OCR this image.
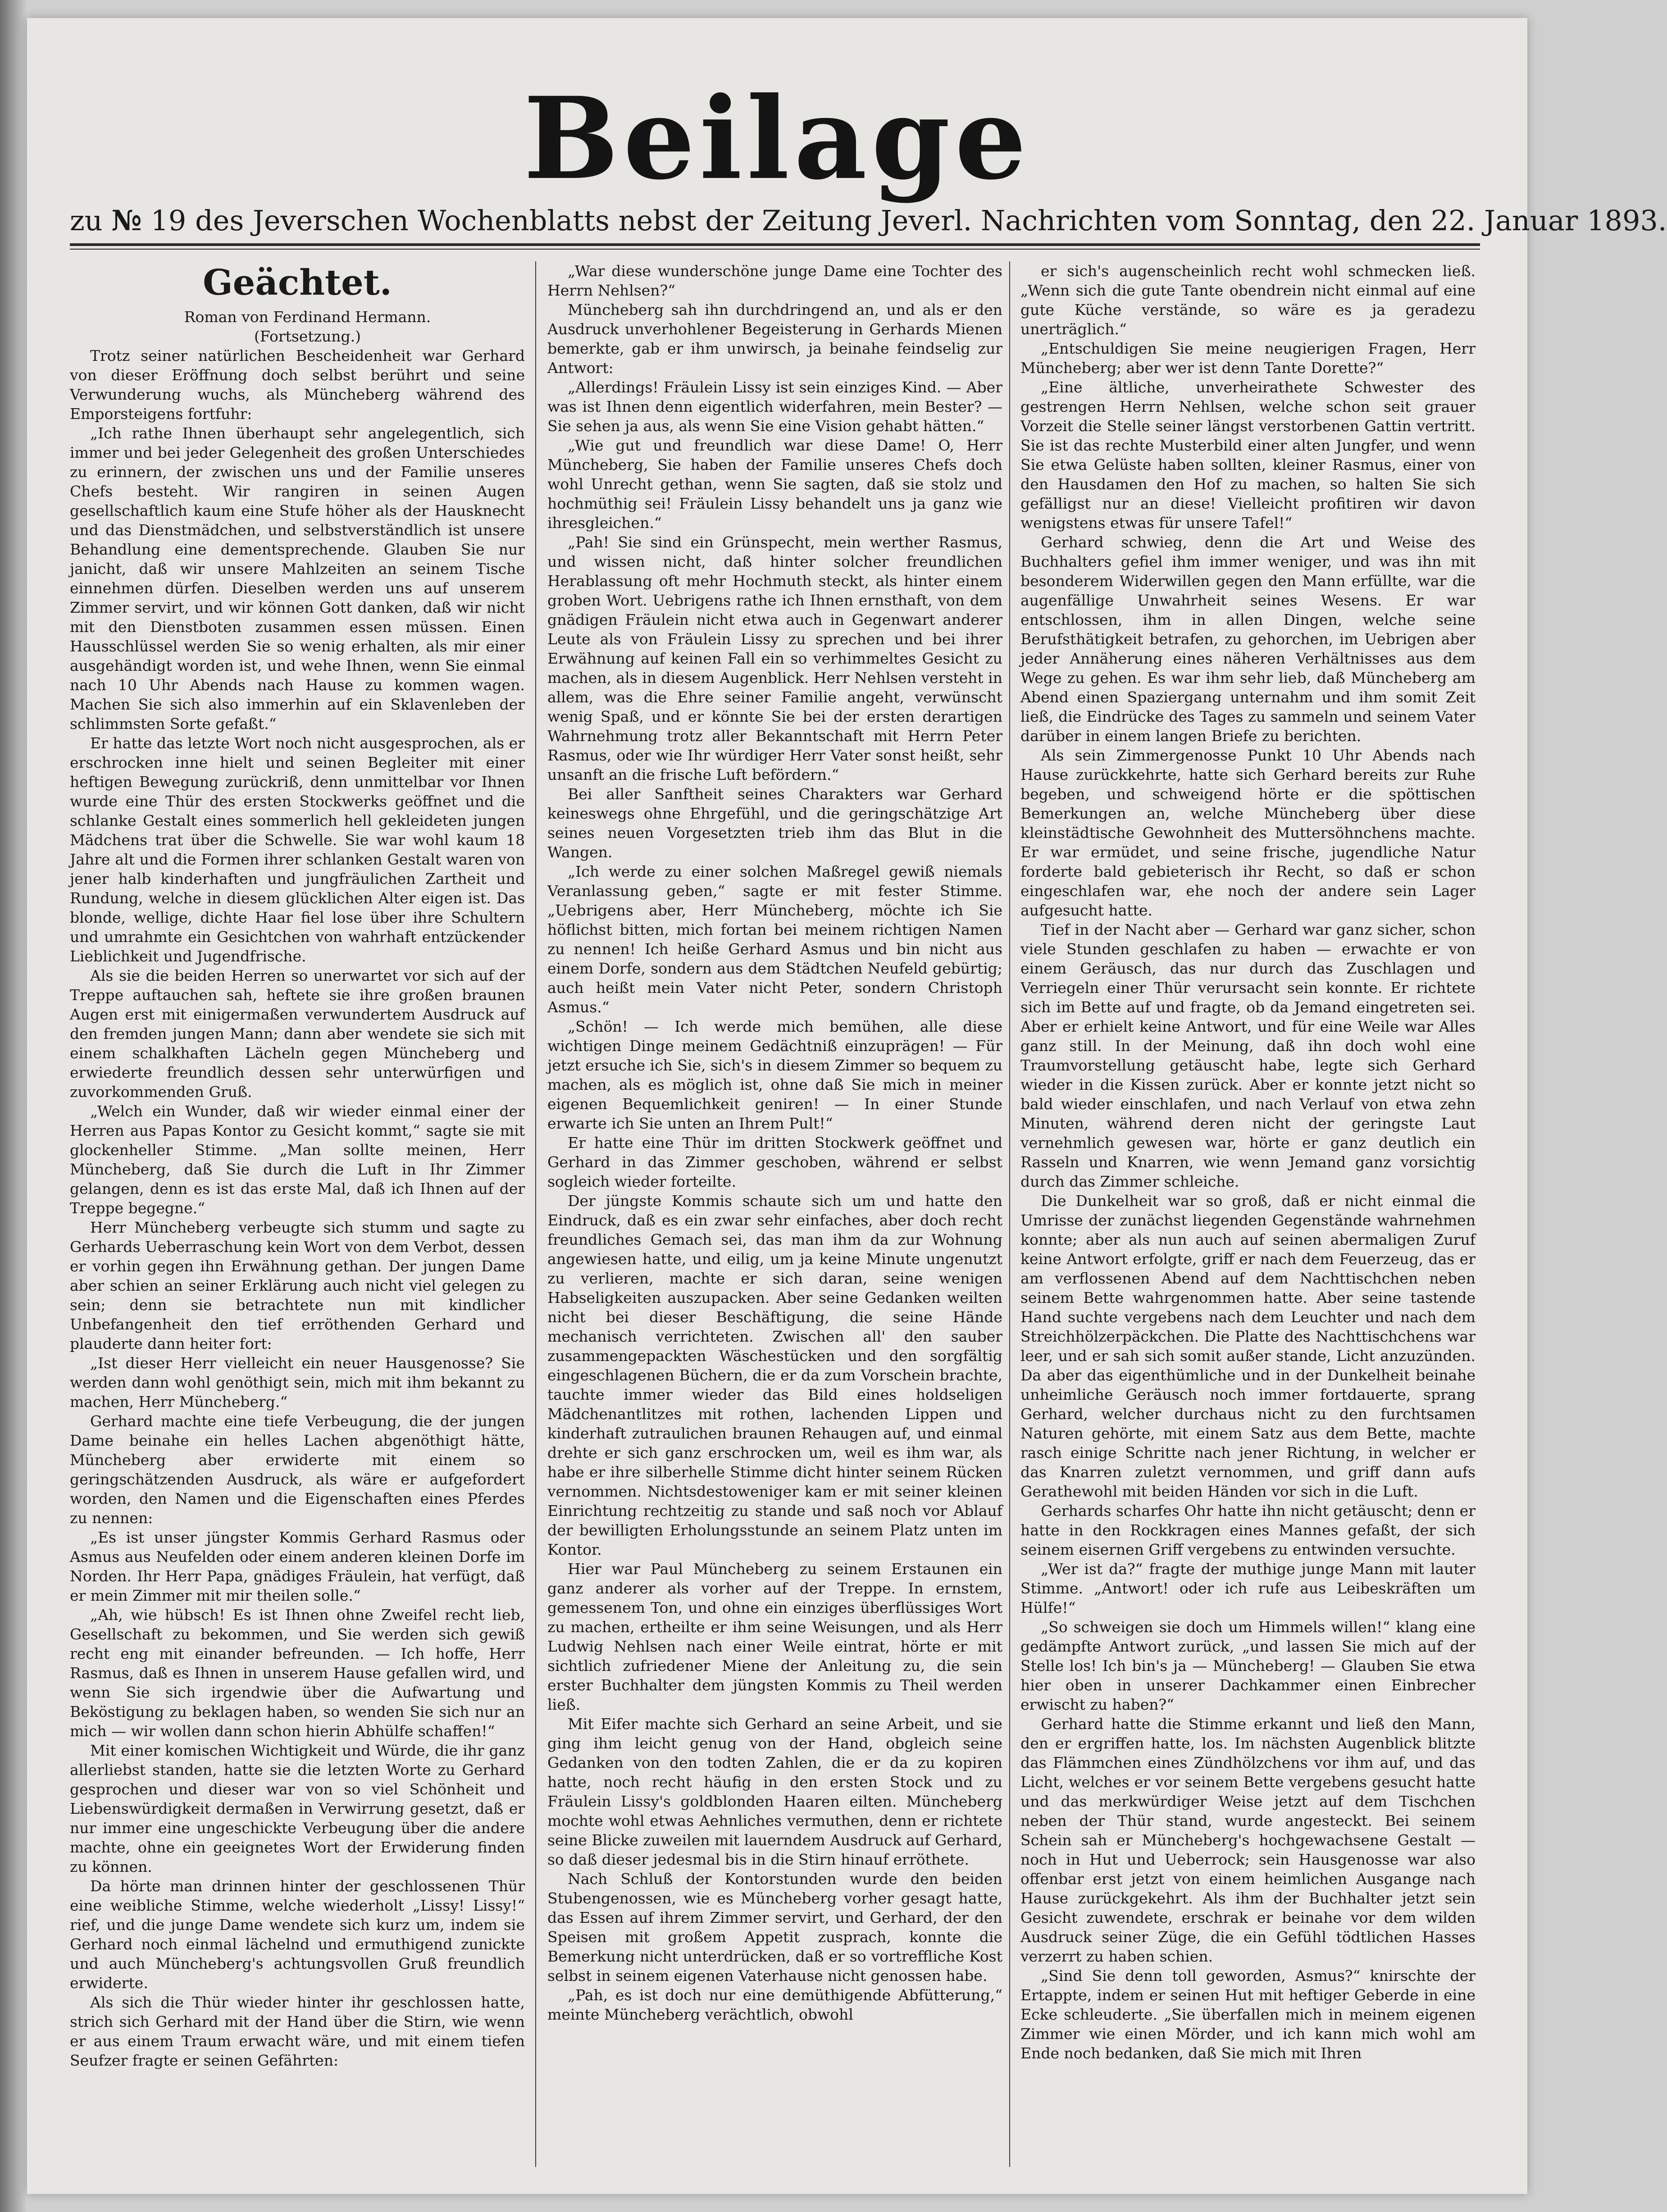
Beilage
zu № 19 des Jeverschen Wochenblatts nebst der Zeitung Jeverl. Nachrichten vom Sonntag, den 22. Januar 1893.
Geächtet.

Roman von Ferdinand Hermann.

(Fortsetzung.)

Trotz seiner natürlichen Bescheidenheit war Gerhard von dieser Eröffnung doch selbst berührt und seine Verwunderung wuchs, als Müncheberg während des Emporsteigens fortfuhr:

„Ich rathe Ihnen überhaupt sehr angelegentlich, sich immer und bei jeder Gelegenheit des großen Unterschiedes zu erinnern, der zwischen uns und der Familie unseres Chefs besteht. Wir rangiren in seinen Augen gesellschaftlich kaum eine Stufe höher als der Hausknecht und das Dienstmädchen, und selbstverständlich ist unsere Behandlung eine dementsprechende. Glauben Sie nur janicht, daß wir unsere Mahlzeiten an seinem Tische einnehmen dürfen. Dieselben werden uns auf unserem Zimmer servirt, und wir können Gott danken, daß wir nicht mit den Dienstboten zusammen essen müssen. Einen Hausschlüssel werden Sie so wenig erhalten, als mir einer ausgehändigt worden ist, und wehe Ihnen, wenn Sie einmal nach 10 Uhr Abends nach Hause zu kommen wagen. Machen Sie sich also immerhin auf ein Sklavenleben der schlimmsten Sorte gefaßt.“

Er hatte das letzte Wort noch nicht ausgesprochen, als er erschrocken inne hielt und seinen Begleiter mit einer heftigen Bewegung zurückriß, denn unmittelbar vor Ihnen wurde eine Thür des ersten Stockwerks geöffnet und die schlanke Gestalt eines sommerlich hell gekleideten jungen Mädchens trat über die Schwelle. Sie war wohl kaum 18 Jahre alt und die Formen ihrer schlanken Gestalt waren von jener halb kinderhaften und jungfräulichen Zartheit und Rundung, welche in diesem glücklichen Alter eigen ist. Das blonde, wellige, dichte Haar fiel lose über ihre Schultern und umrahmte ein Gesichtchen von wahrhaft entzückender Lieblichkeit und Jugendfrische.

Als sie die beiden Herren so unerwartet vor sich auf der Treppe auftauchen sah, heftete sie ihre großen braunen Augen erst mit einigermaßen verwundertem Ausdruck auf den fremden jungen Mann; dann aber wendete sie sich mit einem schalkhaften Lächeln gegen Müncheberg und erwiederte freundlich dessen sehr unterwürfigen und zuvorkommenden Gruß.

„Welch ein Wunder, daß wir wieder einmal einer der Herren aus Papas Kontor zu Gesicht kommt,“ sagte sie mit glockenheller Stimme. „Man sollte meinen, Herr Müncheberg, daß Sie durch die Luft in Ihr Zimmer gelangen, denn es ist das erste Mal, daß ich Ihnen auf der Treppe begegne.“

Herr Müncheberg verbeugte sich stumm und sagte zu Gerhards Ueberraschung kein Wort von dem Verbot, dessen er vorhin gegen ihn Erwähnung gethan. Der jungen Dame aber schien an seiner Erklärung auch nicht viel gelegen zu sein; denn sie betrachtete nun mit kindlicher Unbefangenheit den tief erröthenden Gerhard und plauderte dann heiter fort:

„Ist dieser Herr vielleicht ein neuer Hausgenosse? Sie werden dann wohl genöthigt sein, mich mit ihm bekannt zu machen, Herr Müncheberg.“

Gerhard machte eine tiefe Verbeugung, die der jungen Dame beinahe ein helles Lachen abgenöthigt hätte, Müncheberg aber erwiderte mit einem so geringschätzenden Ausdruck, als wäre er aufgefordert worden, den Namen und die Eigenschaften eines Pferdes zu nennen:

„Es ist unser jüngster Kommis Gerhard Rasmus oder Asmus aus Neufelden oder einem anderen kleinen Dorfe im Norden. Ihr Herr Papa, gnädiges Fräulein, hat verfügt, daß er mein Zimmer mit mir theilen solle.“

„Ah, wie hübsch! Es ist Ihnen ohne Zweifel recht lieb, Gesellschaft zu bekommen, und Sie werden sich gewiß recht eng mit einander befreunden. — Ich hoffe, Herr Rasmus, daß es Ihnen in unserem Hause gefallen wird, und wenn Sie sich irgendwie über die Aufwartung und Beköstigung zu beklagen haben, so wenden Sie sich nur an mich — wir wollen dann schon hierin Abhülfe schaffen!“

Mit einer komischen Wichtigkeit und Würde, die ihr ganz allerliebst standen, hatte sie die letzten Worte zu Gerhard gesprochen und dieser war von so viel Schönheit und Liebenswürdigkeit dermaßen in Verwirrung gesetzt, daß er nur immer eine ungeschickte Verbeugung über die andere machte, ohne ein geeignetes Wort der Erwiderung finden zu können.

Da hörte man drinnen hinter der geschlossenen Thür eine weibliche Stimme, welche wiederholt „Lissy! Lissy!“ rief, und die junge Dame wendete sich kurz um, indem sie Gerhard noch einmal lächelnd und ermuthigend zunickte und auch Müncheberg's achtungsvollen Gruß freundlich erwiderte.

Als sich die Thür wieder hinter ihr geschlossen hatte, strich sich Gerhard mit der Hand über die Stirn, wie wenn er aus einem Traum erwacht wäre, und mit einem tiefen Seufzer fragte er seinen Gefährten:

„War diese wunderschöne junge Dame eine Tochter des Herrn Nehlsen?“

Müncheberg sah ihn durchdringend an, und als er den Ausdruck unverhohlener Begeisterung in Gerhards Mienen bemerkte, gab er ihm unwirsch, ja beinahe feindselig zur Antwort:

„Allerdings! Fräulein Lissy ist sein einziges Kind. — Aber was ist Ihnen denn eigentlich widerfahren, mein Bester? — Sie sehen ja aus, als wenn Sie eine Vision gehabt hätten.“

„Wie gut und freundlich war diese Dame! O, Herr Müncheberg, Sie haben der Familie unseres Chefs doch wohl Unrecht gethan, wenn Sie sagten, daß sie stolz und hochmüthig sei! Fräulein Lissy behandelt uns ja ganz wie ihresgleichen.“

„Pah! Sie sind ein Grünspecht, mein werther Rasmus, und wissen nicht, daß hinter solcher freundlichen Herablassung oft mehr Hochmuth steckt, als hinter einem groben Wort. Uebrigens rathe ich Ihnen ernsthaft, von dem gnädigen Fräulein nicht etwa auch in Gegenwart anderer Leute als von Fräulein Lissy zu sprechen und bei ihrer Erwähnung auf keinen Fall ein so verhimmeltes Gesicht zu machen, als in diesem Augenblick. Herr Nehlsen versteht in allem, was die Ehre seiner Familie angeht, verwünscht wenig Spaß, und er könnte Sie bei der ersten derartigen Wahrnehmung trotz aller Bekanntschaft mit Herrn Peter Rasmus, oder wie Ihr würdiger Herr Vater sonst heißt, sehr unsanft an die frische Luft befördern.“

Bei aller Sanftheit seines Charakters war Gerhard keineswegs ohne Ehrgefühl, und die geringschätzige Art seines neuen Vorgesetzten trieb ihm das Blut in die Wangen.

„Ich werde zu einer solchen Maßregel gewiß niemals Veranlassung geben,“ sagte er mit fester Stimme. „Uebrigens aber, Herr Müncheberg, möchte ich Sie höflichst bitten, mich fortan bei meinem richtigen Namen zu nennen! Ich heiße Gerhard Asmus und bin nicht aus einem Dorfe, sondern aus dem Städtchen Neufeld gebürtig; auch heißt mein Vater nicht Peter, sondern Christoph Asmus.“

„Schön! — Ich werde mich bemühen, alle diese wichtigen Dinge meinem Gedächtniß einzuprägen! — Für jetzt ersuche ich Sie, sich's in diesem Zimmer so bequem zu machen, als es möglich ist, ohne daß Sie mich in meiner eigenen Bequemlichkeit geniren! — In einer Stunde erwarte ich Sie unten an Ihrem Pult!“

Er hatte eine Thür im dritten Stockwerk geöffnet und Gerhard in das Zimmer geschoben, während er selbst sogleich wieder forteilte.

Der jüngste Kommis schaute sich um und hatte den Eindruck, daß es ein zwar sehr einfaches, aber doch recht freundliches Gemach sei, das man ihm da zur Wohnung angewiesen hatte, und eilig, um ja keine Minute ungenutzt zu verlieren, machte er sich daran, seine wenigen Habseligkeiten auszupacken. Aber seine Gedanken weilten nicht bei dieser Beschäftigung, die seine Hände mechanisch verrichteten. Zwischen all' den sauber zusammengepackten Wäschestücken und den sorgfältig eingeschlagenen Büchern, die er da zum Vorschein brachte, tauchte immer wieder das Bild eines holdseligen Mädchenantlitzes mit rothen, lachenden Lippen und kinderhaft zutraulichen braunen Rehaugen auf, und einmal drehte er sich ganz erschrocken um, weil es ihm war, als habe er ihre silberhelle Stimme dicht hinter seinem Rücken vernommen. Nichtsdestoweniger kam er mit seiner kleinen Einrichtung rechtzeitig zu stande und saß noch vor Ablauf der bewilligten Erholungsstunde an seinem Platz unten im Kontor.

Hier war Paul Müncheberg zu seinem Erstaunen ein ganz anderer als vorher auf der Treppe. In ernstem, gemessenem Ton, und ohne ein einziges überflüssiges Wort zu machen, ertheilte er ihm seine Weisungen, und als Herr Ludwig Nehlsen nach einer Weile eintrat, hörte er mit sichtlich zufriedener Miene der Anleitung zu, die sein erster Buchhalter dem jüngsten Kommis zu Theil werden ließ.

Mit Eifer machte sich Gerhard an seine Arbeit, und sie ging ihm leicht genug von der Hand, obgleich seine Gedanken von den todten Zahlen, die er da zu kopiren hatte, noch recht häufig in den ersten Stock und zu Fräulein Lissy's goldblonden Haaren eilten. Müncheberg mochte wohl etwas Aehnliches vermuthen, denn er richtete seine Blicke zuweilen mit lauerndem Ausdruck auf Gerhard, so daß dieser jedesmal bis in die Stirn hinauf erröthete.

Nach Schluß der Kontorstunden wurde den beiden Stubengenossen, wie es Müncheberg vorher gesagt hatte, das Essen auf ihrem Zimmer servirt, und Gerhard, der den Speisen mit großem Appetit zusprach, konnte die Bemerkung nicht unterdrücken, daß er so vortreffliche Kost selbst in seinem eigenen Vaterhause nicht genossen habe.

„Pah, es ist doch nur eine demüthigende Abfütterung,“ meinte Müncheberg verächtlich, obwohl

er sich's augenscheinlich recht wohl schmecken ließ. „Wenn sich die gute Tante obendrein nicht einmal auf eine gute Küche verstände, so wäre es ja geradezu unerträglich.“

„Entschuldigen Sie meine neugierigen Fragen, Herr Müncheberg; aber wer ist denn Tante Dorette?“

„Eine ältliche, unverheirathete Schwester des gestrengen Herrn Nehlsen, welche schon seit grauer Vorzeit die Stelle seiner längst verstorbenen Gattin vertritt. Sie ist das rechte Musterbild einer alten Jungfer, und wenn Sie etwa Gelüste haben sollten, kleiner Rasmus, einer von den Hausdamen den Hof zu machen, so halten Sie sich gefälligst nur an diese! Vielleicht profitiren wir davon wenigstens etwas für unsere Tafel!“

Gerhard schwieg, denn die Art und Weise des Buchhalters gefiel ihm immer weniger, und was ihn mit besonderem Widerwillen gegen den Mann erfüllte, war die augenfällige Unwahrheit seines Wesens. Er war entschlossen, ihm in allen Dingen, welche seine Berufsthätigkeit betrafen, zu gehorchen, im Uebrigen aber jeder Annäherung eines näheren Verhältnisses aus dem Wege zu gehen. Es war ihm sehr lieb, daß Müncheberg am Abend einen Spaziergang unternahm und ihm somit Zeit ließ, die Eindrücke des Tages zu sammeln und seinem Vater darüber in einem langen Briefe zu berichten.

Als sein Zimmergenosse Punkt 10 Uhr Abends nach Hause zurückkehrte, hatte sich Gerhard bereits zur Ruhe begeben, und schweigend hörte er die spöttischen Bemerkungen an, welche Müncheberg über diese kleinstädtische Gewohnheit des Muttersöhnchens machte. Er war ermüdet, und seine frische, jugendliche Natur forderte bald gebieterisch ihr Recht, so daß er schon eingeschlafen war, ehe noch der andere sein Lager aufgesucht hatte.

Tief in der Nacht aber — Gerhard war ganz sicher, schon viele Stunden geschlafen zu haben — erwachte er von einem Geräusch, das nur durch das Zuschlagen und Verriegeln einer Thür verursacht sein konnte. Er richtete sich im Bette auf und fragte, ob da Jemand eingetreten sei. Aber er erhielt keine Antwort, und für eine Weile war Alles ganz still. In der Meinung, daß ihn doch wohl eine Traumvorstellung getäuscht habe, legte sich Gerhard wieder in die Kissen zurück. Aber er konnte jetzt nicht so bald wieder einschlafen, und nach Verlauf von etwa zehn Minuten, während deren nicht der geringste Laut vernehmlich gewesen war, hörte er ganz deutlich ein Rasseln und Knarren, wie wenn Jemand ganz vorsichtig durch das Zimmer schleiche.

Die Dunkelheit war so groß, daß er nicht einmal die Umrisse der zunächst liegenden Gegenstände wahrnehmen konnte; aber als nun auch auf seinen abermaligen Zuruf keine Antwort erfolgte, griff er nach dem Feuerzeug, das er am verflossenen Abend auf dem Nachttischchen neben seinem Bette wahrgenommen hatte. Aber seine tastende Hand suchte vergebens nach dem Leuchter und nach dem Streichhölzerpäckchen. Die Platte des Nachttischchens war leer, und er sah sich somit außer stande, Licht anzuzünden. Da aber das eigenthümliche und in der Dunkelheit beinahe unheimliche Geräusch noch immer fortdauerte, sprang Gerhard, welcher durchaus nicht zu den furchtsamen Naturen gehörte, mit einem Satz aus dem Bette, machte rasch einige Schritte nach jener Richtung, in welcher er das Knarren zuletzt vernommen, und griff dann aufs Gerathewohl mit beiden Händen vor sich in die Luft.

Gerhards scharfes Ohr hatte ihn nicht getäuscht; denn er hatte in den Rockkragen eines Mannes gefaßt, der sich seinem eisernen Griff vergebens zu entwinden versuchte.

„Wer ist da?“ fragte der muthige junge Mann mit lauter Stimme. „Antwort! oder ich rufe aus Leibeskräften um Hülfe!“

„So schweigen sie doch um Himmels willen!“ klang eine gedämpfte Antwort zurück, „und lassen Sie mich auf der Stelle los! Ich bin's ja — Müncheberg! — Glauben Sie etwa hier oben in unserer Dachkammer einen Einbrecher erwischt zu haben?“

Gerhard hatte die Stimme erkannt und ließ den Mann, den er ergriffen hatte, los. Im nächsten Augenblick blitzte das Flämmchen eines Zündhölzchens vor ihm auf, und das Licht, welches er vor seinem Bette vergebens gesucht hatte und das merkwürdiger Weise jetzt auf dem Tischchen neben der Thür stand, wurde angesteckt. Bei seinem Schein sah er Müncheberg's hochgewachsene Gestalt — noch in Hut und Ueberrock; sein Hausgenosse war also offenbar erst jetzt von einem heimlichen Ausgange nach Hause zurückgekehrt. Als ihm der Buchhalter jetzt sein Gesicht zuwendete, erschrak er beinahe vor dem wilden Ausdruck seiner Züge, die ein Gefühl tödtlichen Hasses verzerrt zu haben schien.

„Sind Sie denn toll geworden, Asmus?“ knirschte der Ertappte, indem er seinen Hut mit heftiger Geberde in eine Ecke schleuderte. „Sie überfallen mich in meinem eigenen Zimmer wie einen Mörder, und ich kann mich wohl am Ende noch bedanken, daß Sie mich mit Ihren
